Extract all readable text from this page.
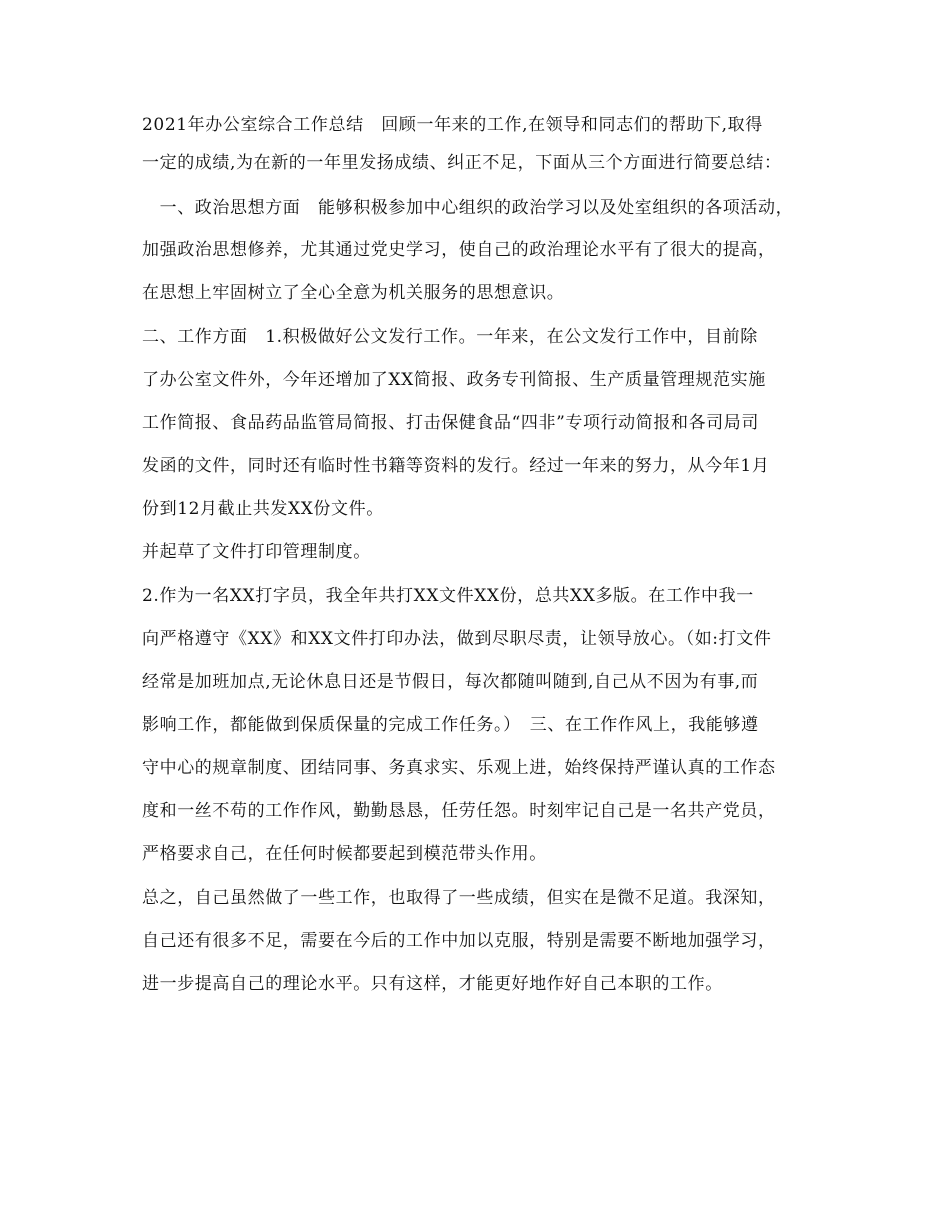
2021年办公室综合工作总结　回顾一年来的工作,在领导和同志们的帮助下,取得
一定的成绩,为在新的一年里发扬成绩、纠正不足，下面从三个方面进行简要总结：
　一、政治思想方面　能够积极参加中心组织的政治学习以及处室组织的各项活动，
加强政治思想修养，尤其通过党史学习，使自己的政治理论水平有了很大的提高，
在思想上牢固树立了全心全意为机关服务的思想意识。
二、工作方面　1.积极做好公文发行工作。一年来，在公文发行工作中，目前除
了办公室文件外，今年还增加了XX简报、政务专刊简报、生产质量管理规范实施
工作简报、食品药品监管局简报、打击保健食品“四非”专项行动简报和各司局司
发函的文件，同时还有临时性书籍等资料的发行。经过一年来的努力，从今年1月
份到12月截止共发XX份文件。
并起草了文件打印管理制度。
2.作为一名XX打字员，我全年共打XX文件XX份，总共XX多版。在工作中我一
向严格遵守《XX》和XX文件打印办法，做到尽职尽责，让领导放心。（如:打文件
经常是加班加点,无论休息日还是节假日，每次都随叫随到,自己从不因为有事,而
影响工作，都能做到保质保量的完成工作任务。）　三、在工作作风上，我能够遵
守中心的规章制度、团结同事、务真求实、乐观上进，始终保持严谨认真的工作态
度和一丝不苟的工作作风，勤勤恳恳，任劳任怨。时刻牢记自己是一名共产党员，
严格要求自己，在任何时候都要起到模范带头作用。
总之，自己虽然做了一些工作，也取得了一些成绩，但实在是微不足道。我深知，
自己还有很多不足，需要在今后的工作中加以克服，特别是需要不断地加强学习，
进一步提高自己的理论水平。只有这样，才能更好地作好自己本职的工作。
